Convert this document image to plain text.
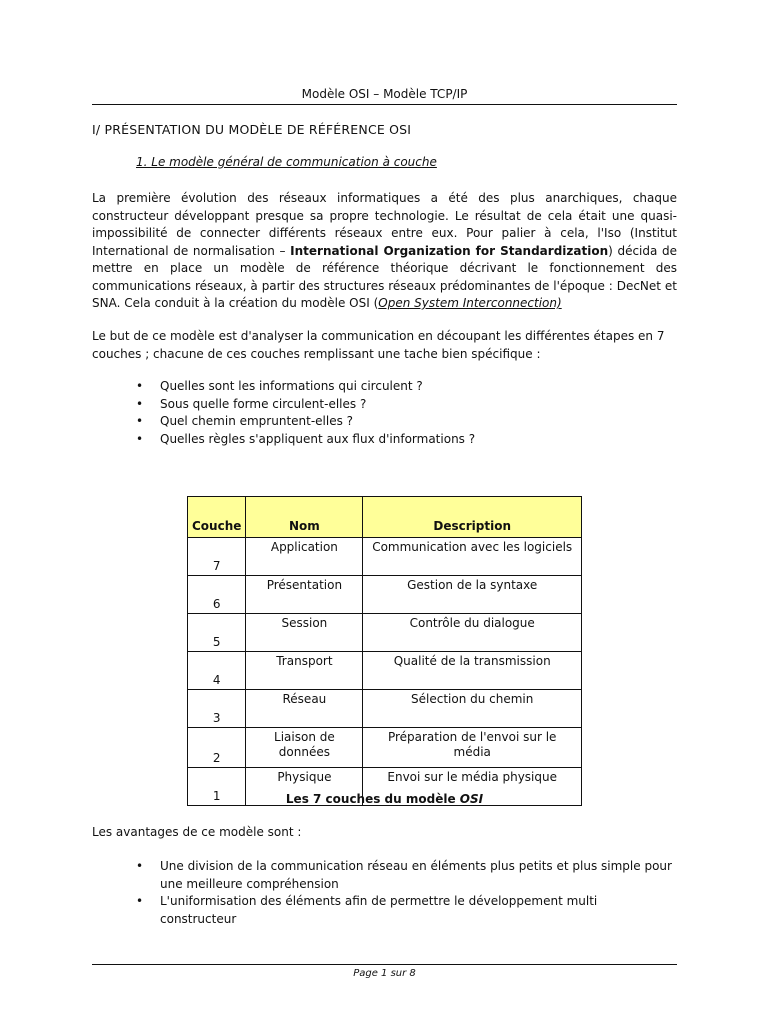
Modèle OSI – Modèle TCP/IP
I/ PRÉSENTATION DU MODÈLE DE RÉFÉRENCE OSI
1. Le modèle général de communication à couche
La première évolution des réseaux informatiques a été des plus anarchiques, chaque constructeur développant presque sa propre technologie. Le résultat de cela était une quasi-impossibilité de connecter différents réseaux entre eux. Pour palier à cela, l'Iso (Institut International de normalisation – International Organization for Standardization) décida de mettre en place un modèle de référence théorique décrivant le fonctionnement des communications réseaux, à partir des structures réseaux prédominantes de l'époque : DecNet et SNA. Cela conduit à la création du modèle OSI (Open System Interconnection)
Le but de ce modèle est d'analyser la communication en découpant les différentes étapes en 7 couches ; chacune de ces couches remplissant une tache bien spécifique :
• Quelles sont les informations qui circulent ?
• Sous quelle forme circulent-elles ?
• Quel chemin empruntent-elles ?
• Quelles règles s'appliquent aux flux d'informations ?
Couche	Nom	Description
7	Application	Communication avec les logiciels
6	Présentation	Gestion de la syntaxe
5	Session	Contrôle du dialogue
4	Transport	Qualité de la transmission
3	Réseau	Sélection du chemin
2	Liaison de données	Préparation de l'envoi sur le média
1	Physique	Envoi sur le média physique
Les 7 couches du modèle OSI
Les avantages de ce modèle sont :
• Une division de la communication réseau en éléments plus petits et plus simple pour une meilleure compréhension
• L'uniformisation des éléments afin de permettre le développement multi constructeur
Page 1 sur 8
